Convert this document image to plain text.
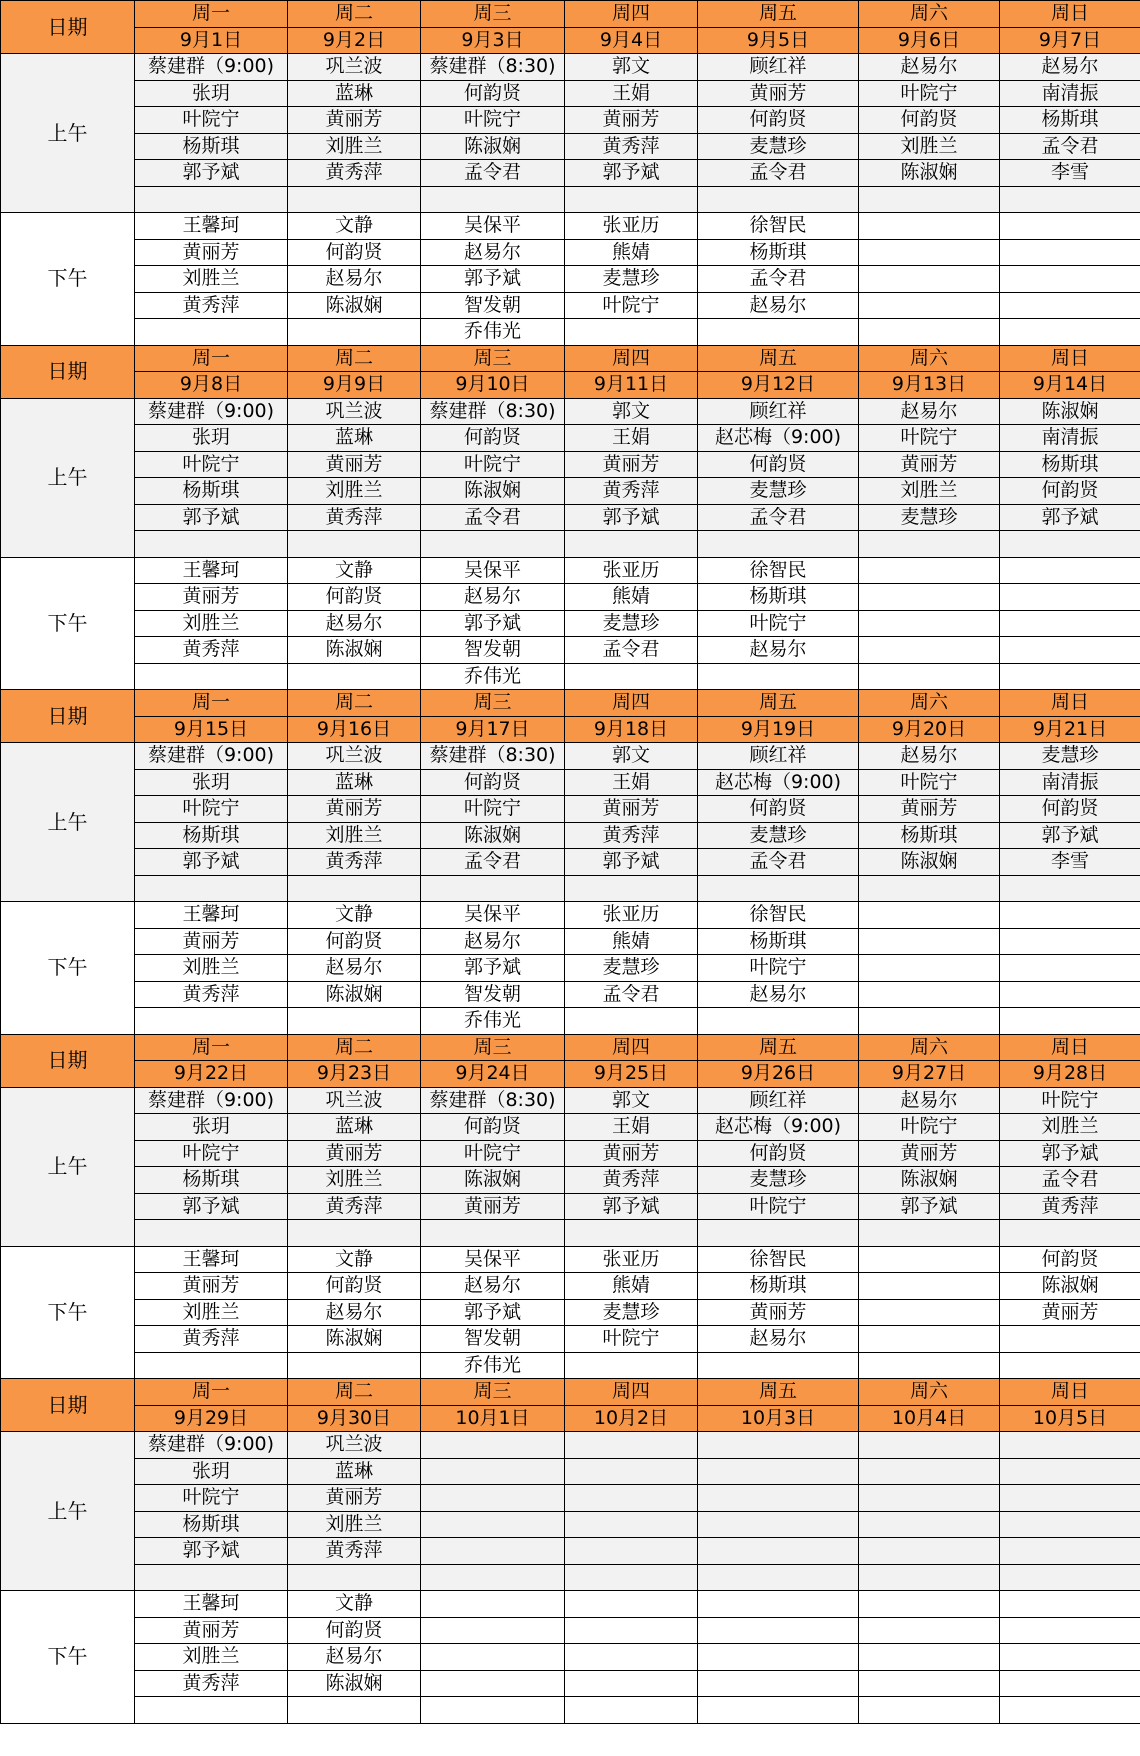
日期	周一	周二	周三	周四	周五	周六	周日
	9月1日	9月2日	9月3日	9月4日	9月5日	9月6日	9月7日
上午	蔡建群（9:00)	巩兰波	蔡建群（8:30)	郭文	顾红祥	赵易尔	赵易尔
	张玥	蓝琳	何韵贤	王娟	黄丽芳	叶院宁	南清振
	叶院宁	黄丽芳	叶院宁	黄丽芳	何韵贤	何韵贤	杨斯琪
	杨斯琪	刘胜兰	陈淑娴	黄秀萍	麦慧珍	刘胜兰	孟令君
	郭予斌	黄秀萍	孟令君	郭予斌	孟令君	陈淑娴	李雪

下午	王馨珂	文静	吴保平	张亚历	徐智民		
	黄丽芳	何韵贤	赵易尔	熊婧	杨斯琪		
	刘胜兰	赵易尔	郭予斌	麦慧珍	孟令君		
	黄秀萍	陈淑娴	智发朝	叶院宁	赵易尔		
			乔伟光				
日期	周一	周二	周三	周四	周五	周六	周日
	9月8日	9月9日	9月10日	9月11日	9月12日	9月13日	9月14日
上午	蔡建群（9:00)	巩兰波	蔡建群（8:30)	郭文	顾红祥	赵易尔	陈淑娴
	张玥	蓝琳	何韵贤	王娟	赵芯梅（9:00)	叶院宁	南清振
	叶院宁	黄丽芳	叶院宁	黄丽芳	何韵贤	黄丽芳	杨斯琪
	杨斯琪	刘胜兰	陈淑娴	黄秀萍	麦慧珍	刘胜兰	何韵贤
	郭予斌	黄秀萍	孟令君	郭予斌	孟令君	麦慧珍	郭予斌

下午	王馨珂	文静	吴保平	张亚历	徐智民		
	黄丽芳	何韵贤	赵易尔	熊婧	杨斯琪		
	刘胜兰	赵易尔	郭予斌	麦慧珍	叶院宁		
	黄秀萍	陈淑娴	智发朝	孟令君	赵易尔		
			乔伟光				
日期	周一	周二	周三	周四	周五	周六	周日
	9月15日	9月16日	9月17日	9月18日	9月19日	9月20日	9月21日
上午	蔡建群（9:00)	巩兰波	蔡建群（8:30)	郭文	顾红祥	赵易尔	麦慧珍
	张玥	蓝琳	何韵贤	王娟	赵芯梅（9:00)	叶院宁	南清振
	叶院宁	黄丽芳	叶院宁	黄丽芳	何韵贤	黄丽芳	何韵贤
	杨斯琪	刘胜兰	陈淑娴	黄秀萍	麦慧珍	杨斯琪	郭予斌
	郭予斌	黄秀萍	孟令君	郭予斌	孟令君	陈淑娴	李雪

下午	王馨珂	文静	吴保平	张亚历	徐智民		
	黄丽芳	何韵贤	赵易尔	熊婧	杨斯琪		
	刘胜兰	赵易尔	郭予斌	麦慧珍	叶院宁		
	黄秀萍	陈淑娴	智发朝	孟令君	赵易尔		
			乔伟光				
日期	周一	周二	周三	周四	周五	周六	周日
	9月22日	9月23日	9月24日	9月25日	9月26日	9月27日	9月28日
上午	蔡建群（9:00)	巩兰波	蔡建群（8:30)	郭文	顾红祥	赵易尔	叶院宁
	张玥	蓝琳	何韵贤	王娟	赵芯梅（9:00)	叶院宁	刘胜兰
	叶院宁	黄丽芳	叶院宁	黄丽芳	何韵贤	黄丽芳	郭予斌
	杨斯琪	刘胜兰	陈淑娴	黄秀萍	麦慧珍	陈淑娴	孟令君
	郭予斌	黄秀萍	黄丽芳	郭予斌	叶院宁	郭予斌	黄秀萍

下午	王馨珂	文静	吴保平	张亚历	徐智民		何韵贤
	黄丽芳	何韵贤	赵易尔	熊婧	杨斯琪		陈淑娴
	刘胜兰	赵易尔	郭予斌	麦慧珍	黄丽芳		黄丽芳
	黄秀萍	陈淑娴	智发朝	叶院宁	赵易尔		
			乔伟光				
日期	周一	周二	周三	周四	周五	周六	周日
	9月29日	9月30日	10月1日	10月2日	10月3日	10月4日	10月5日
上午	蔡建群（9:00)	巩兰波					
	张玥	蓝琳					
	叶院宁	黄丽芳					
	杨斯琪	刘胜兰					
	郭予斌	黄秀萍					

下午	王馨珂	文静					
	黄丽芳	何韵贤					
	刘胜兰	赵易尔					
	黄秀萍	陈淑娴					
